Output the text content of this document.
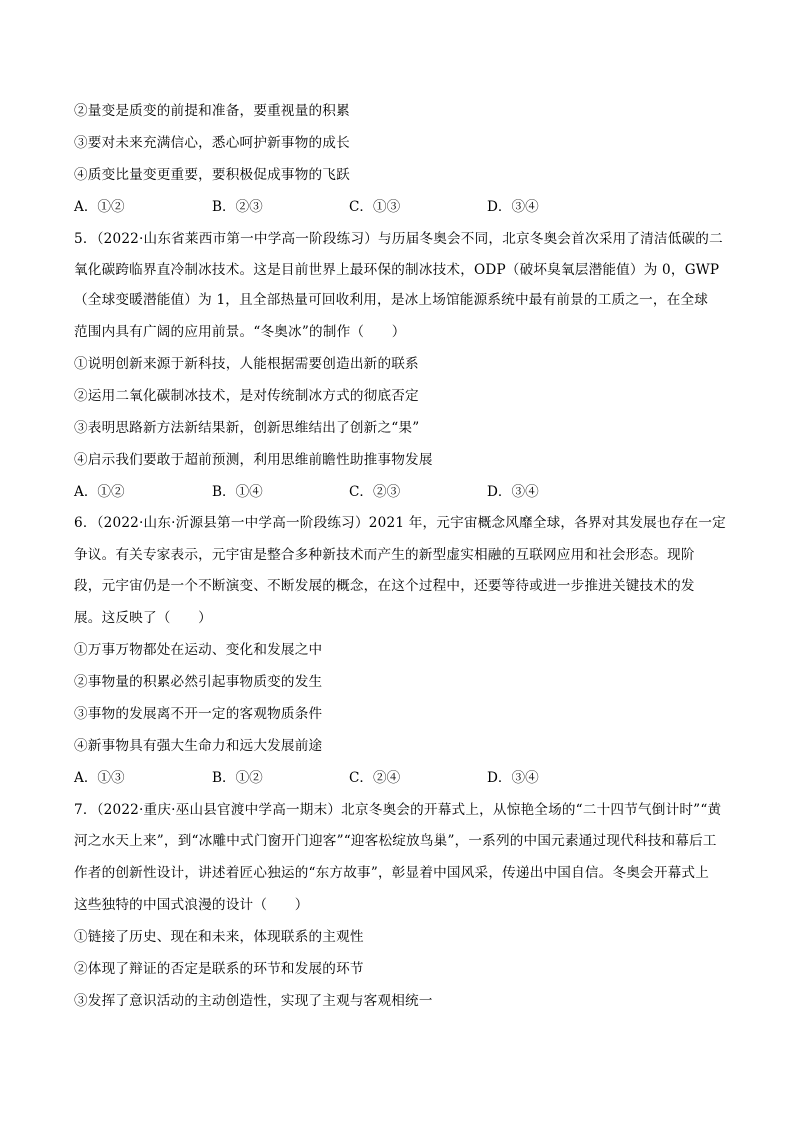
②量变是质变的前提和准备，要重视量的积累
③要对未来充满信心，悉心呵护新事物的成长
④质变比量变更重要，要积极促成事物的飞跃
A．①②	B．②③	C．①③	D．③④
5．（2022·山东省莱西市第一中学高一阶段练习）与历届冬奥会不同，北京冬奥会首次采用了清洁低碳的二
氧化碳跨临界直冷制冰技术。这是目前世界上最环保的制冰技术，ODP（破坏臭氧层潜能值）为 0，GWP
（全球变暖潜能值）为 1，且全部热量可回收利用，是冰上场馆能源系统中最有前景的工质之一，在全球
范围内具有广阔的应用前景。“冬奥冰”的制作（　　）
①说明创新来源于新科技，人能根据需要创造出新的联系
②运用二氧化碳制冰技术，是对传统制冰方式的彻底否定
③表明思路新方法新结果新，创新思维结出了创新之“果”
④启示我们要敢于超前预测，利用思维前瞻性助推事物发展
A．①②	B．①④	C．②③	D．③④
6．（2022·山东·沂源县第一中学高一阶段练习）2021 年，元宇宙概念风靡全球，各界对其发展也存在一定
争议。有关专家表示，元宇宙是整合多种新技术而产生的新型虚实相融的互联网应用和社会形态。现阶
段，元宇宙仍是一个不断演变、不断发展的概念，在这个过程中，还要等待或进一步推进关键技术的发
展。这反映了（　　）
①万事万物都处在运动、变化和发展之中
②事物量的积累必然引起事物质变的发生
③事物的发展离不开一定的客观物质条件
④新事物具有强大生命力和远大发展前途
A．①③	B．①②	C．②④	D．③④
7．（2022·重庆·巫山县官渡中学高一期末）北京冬奥会的开幕式上，从惊艳全场的“二十四节气倒计时”“黄
河之水天上来”，到“冰雕中式门窗开门迎客”“迎客松绽放鸟巢”，一系列的中国元素通过现代科技和幕后工
作者的创新性设计，讲述着匠心独运的“东方故事”，彰显着中国风采，传递出中国自信。冬奥会开幕式上
这些独特的中国式浪漫的设计（　　）
①链接了历史、现在和未来，体现联系的主观性
②体现了辩证的否定是联系的环节和发展的环节
③发挥了意识活动的主动创造性，实现了主观与客观相统一
